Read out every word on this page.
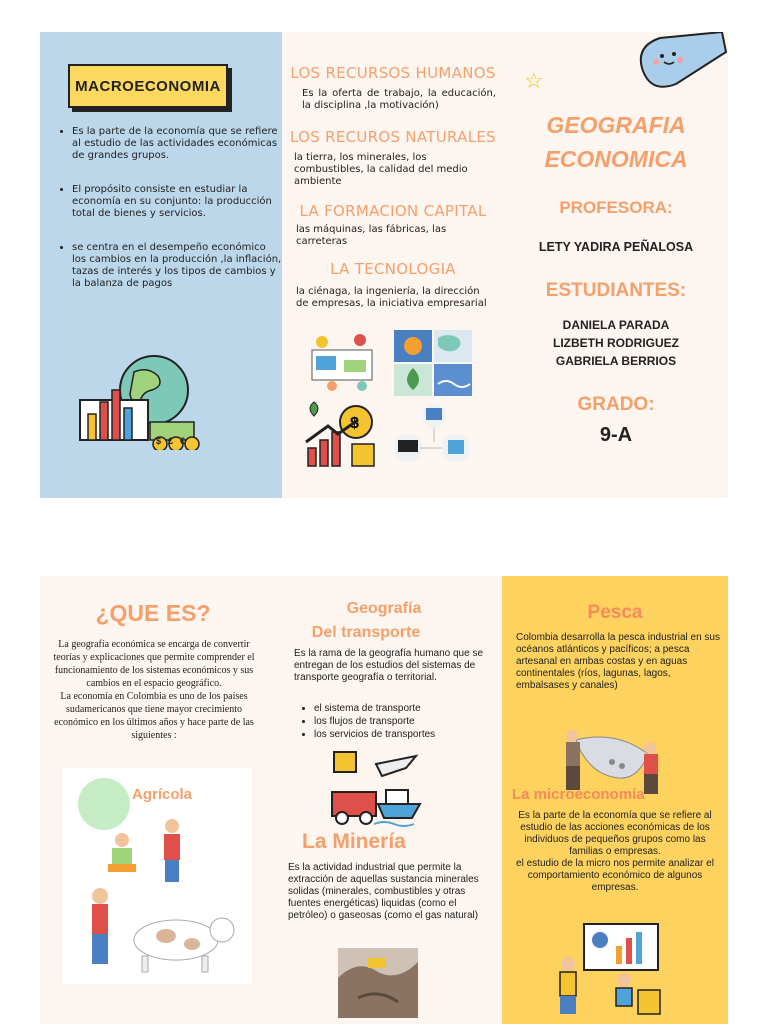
MACROECONOMIA
• Es la parte de la economía que se refiere al estudio de las actividades económicas de grandes grupos.
• El propósito consiste en estudiar la economía en su conjunto: la producción total de bienes y servicios.
• se centra en el desempeño económico los cambios en la producción ,la inflación, tazas de interés y los tipos de cambios y la balanza de pagos
$£€
LOS RECURSOS HUMANOS
Es la oferta de trabajo, la educación, la disciplina ,la motivación)
LOS RECUROS NATURALES
la tierra, los minerales, los combustibles, la calidad del medio ambiente
LA FORMACION CAPITAL
las máquinas, las fábricas, las carreteras
LA TECNOLOGIA
la ciénaga, la ingeniería, la dirección de empresas, la iniciativa empresarial
$
☆
GEOGRAFIA
ECONOMICA
PROFESORA:
LETY YADIRA PEÑALOSA
ESTUDIANTES:
DANIELA PARADA
LIZBETH RODRIGUEZ
GABRIELA BERRIOS
GRADO:
9-A
¿QUE ES?
La geografía económica se encarga de convertir teorías y explicaciones que permite comprender el funcionamiento de los sistemas económicos y sus cambios en el espacio geográfico.
La economía en Colombia es uno de los países sudamericanos que tiene mayor crecimiento económico en los últimos años y hace parte de las siguientes :
Agrícola
Geografía
Del transporte
Es la rama de la geografía humano que se entregan de los estudios del sistemas de transporte geografía o territorial.
• el sistema de transporte
• los flujos de transporte
• los servicios de transportes
La Minería
Es la actividad industrial que permite la extracción de aquellas sustancia minerales solidas (minerales, combustibles y otras fuentes energéticas) liquidas (como el petróleo) o gaseosas (como el gas natural)
Pesca
Colombia desarrolla la pesca industrial en sus océanos atlánticos y pacíficos; a pesca artesanal en ambas costas y en aguas continentales (ríos, lagunas, lagos, embalsases y canales)
La microeconomía
Es la parte de la economía que se refiere al estudio de las acciones económicas de los individuos de pequeños grupos como las familias o empresas.
el estudio de la micro nos permite analizar el comportamiento económico de algunos empresas.
